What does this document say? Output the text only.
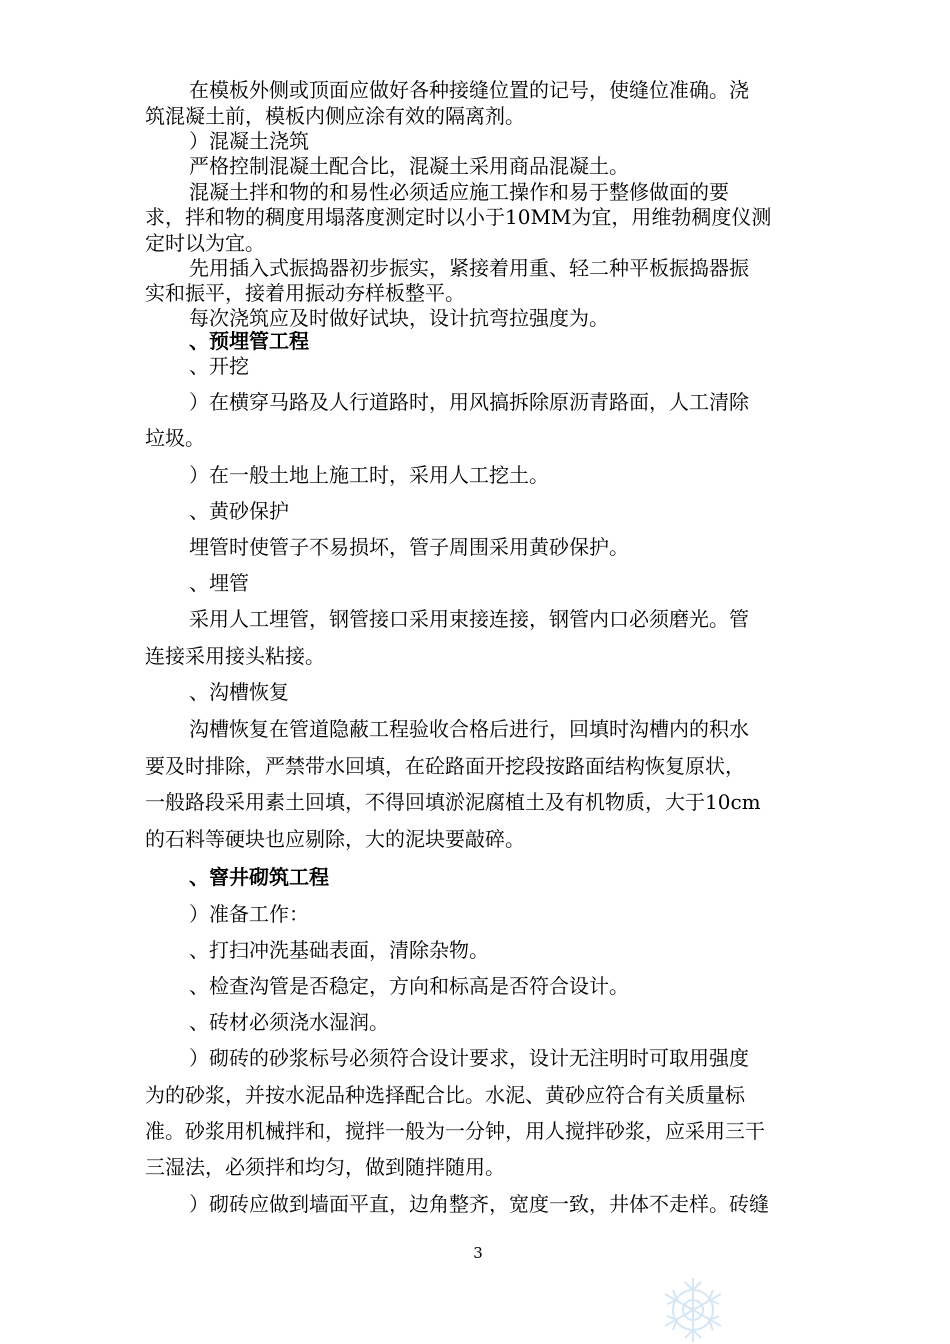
在模板外侧或顶面应做好各种接缝位置的记号，使缝位准确。浇
筑混凝土前，模板内侧应涂有效的隔离剂。
）混凝土浇筑
严格控制混凝土配合比，混凝土采用商品混凝土。
混凝土拌和物的和易性必须适应施工操作和易于整修做面的要
求，拌和物的稠度用塌落度测定时以小于10MM为宜，用维勃稠度仪测
定时以为宜。
先用插入式振捣器初步振实，紧接着用重、轻二种平板振捣器振
实和振平，接着用振动夯样板整平。
每次浇筑应及时做好试块，设计抗弯拉强度为。
、预埋管工程
、开挖
）在横穿马路及人行道路时，用风搞拆除原沥青路面，人工清除
垃圾。
）在一般土地上施工时，采用人工挖土。
、黄砂保护
埋管时使管子不易损坏，管子周围采用黄砂保护。
、埋管
采用人工埋管，钢管接口采用束接连接，钢管内口必须磨光。管
连接采用接头粘接。
、沟槽恢复
沟槽恢复在管道隐蔽工程验收合格后进行，回填时沟槽内的积水
要及时排除，严禁带水回填，在砼路面开挖段按路面结构恢复原状，
一般路段采用素土回填，不得回填淤泥腐植土及有机物质，大于10cm
的石料等硬块也应剔除，大的泥块要敲碎。
、窨井砌筑工程
）准备工作：
、打扫冲洗基础表面，清除杂物。
、检查沟管是否稳定，方向和标高是否符合设计。
、砖材必须浇水湿润。
）砌砖的砂浆标号必须符合设计要求，设计无注明时可取用强度
为的砂浆，并按水泥品种选择配合比。水泥、黄砂应符合有关质量标
准。砂浆用机械拌和，搅拌一般为一分钟，用人搅拌砂浆，应采用三干
三湿法，必须拌和均匀，做到随拌随用。
）砌砖应做到墙面平直，边角整齐，宽度一致，井体不走样。砖缝
3
